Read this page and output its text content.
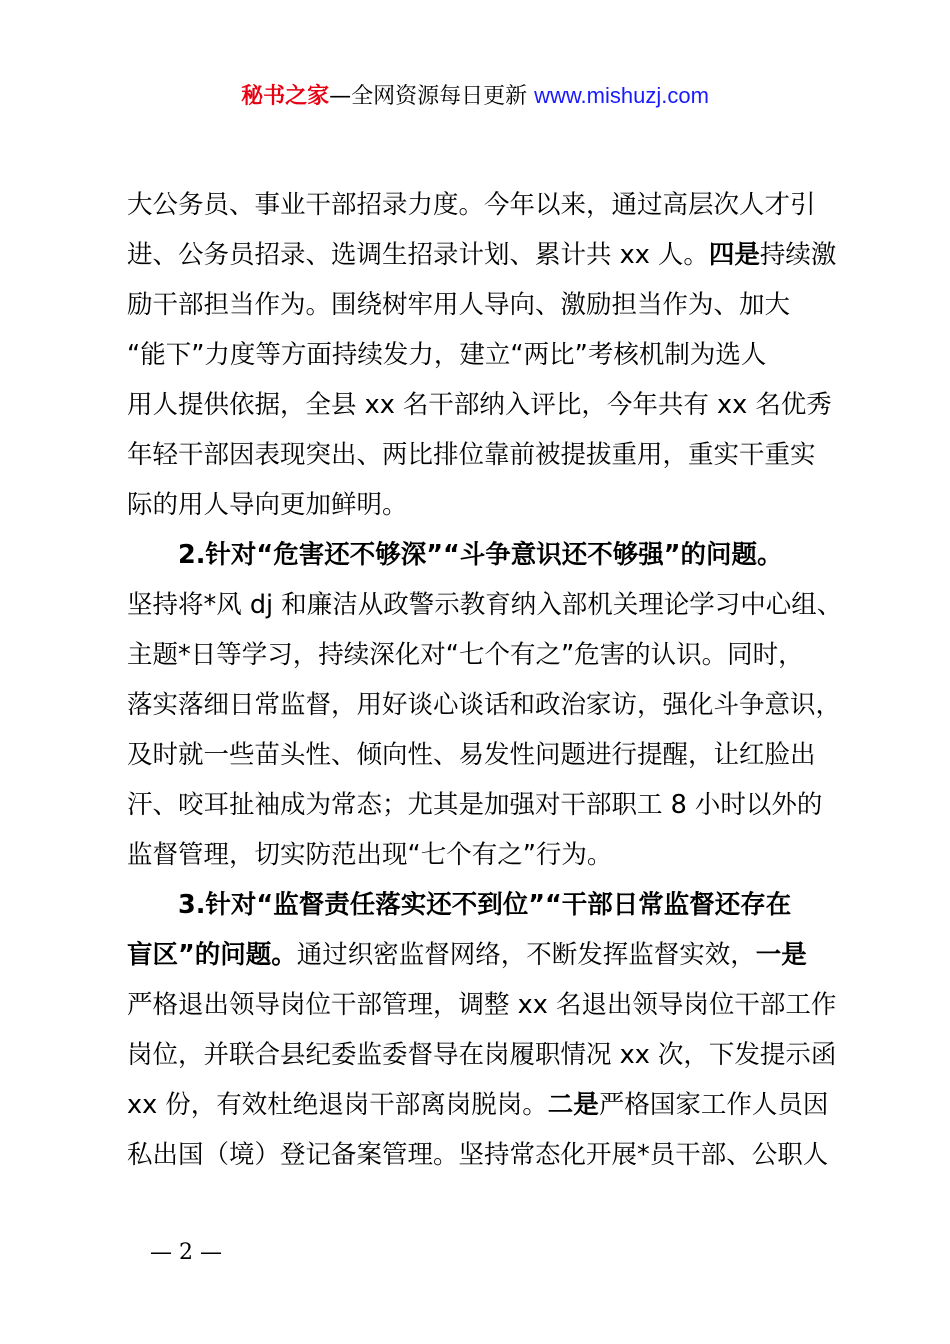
秘书之家—全网资源每日更新 www.mishuzj.com
大公务员、事业干部招录力度。今年以来，通过高层次人才引
进、公务员招录、选调生招录计划、累计共 xx 人。四是持续激
励干部担当作为。围绕树牢用人导向、激励担当作为、加大
“能下”力度等方面持续发力，建立“两比”考核机制为选人
用人提供依据，全县 xx 名干部纳入评比，今年共有 xx 名优秀
年轻干部因表现突出、两比排位靠前被提拔重用，重实干重实
际的用人导向更加鲜明。
2.针对“危害还不够深”“斗争意识还不够强”的问题。
坚持将*风 dj 和廉洁从政警示教育纳入部机关理论学习中心组、
主题*日等学习，持续深化对“七个有之”危害的认识。同时，
落实落细日常监督，用好谈心谈话和政治家访，强化斗争意识，
及时就一些苗头性、倾向性、易发性问题进行提醒，让红脸出
汗、咬耳扯袖成为常态；尤其是加强对干部职工 8 小时以外的
监督管理，切实防范出现“七个有之”行为。
3.针对“监督责任落实还不到位”“干部日常监督还存在
盲区”的问题。通过织密监督网络，不断发挥监督实效，一是
严格退出领导岗位干部管理，调整 xx 名退出领导岗位干部工作
岗位，并联合县纪委监委督导在岗履职情况 xx 次，下发提示函
xx 份，有效杜绝退岗干部离岗脱岗。二是严格国家工作人员因
私出国（境）登记备案管理。坚持常态化开展*员干部、公职人
— 2 —
